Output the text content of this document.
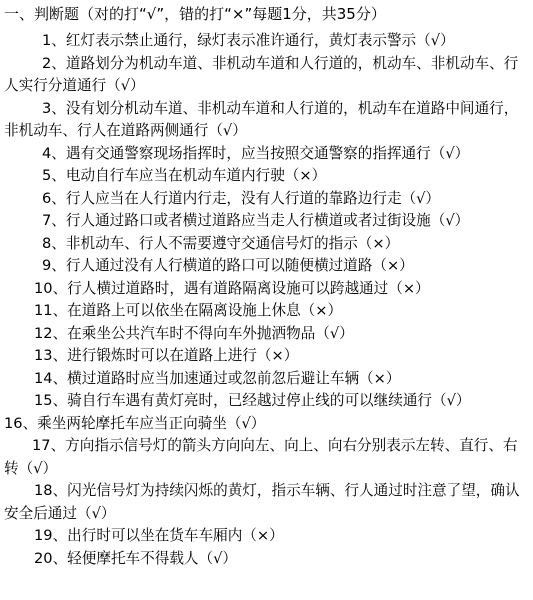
一、判断题（对的打“√”，错的打“×”每题1分，共35分）
1、红灯表示禁止通行，绿灯表示准许通行，黄灯表示警示（√）
2、道路划分为机动车道、非机动车道和人行道的，机动车、非机动车、行人实行分道通行（√）
3、没有划分机动车道、非机动车道和人行道的，机动车在道路中间通行，非机动车、行人在道路两侧通行（√）
4、遇有交通警察现场指挥时，应当按照交通警察的指挥通行（√）
5、电动自行车应当在机动车道内行驶（×）
6、行人应当在人行道内行走，没有人行道的靠路边行走（√）
7、行人通过路口或者横过道路应当走人行横道或者过街设施（√）
8、非机动车、行人不需要遵守交通信号灯的指示（×）
9、行人通过没有人行横道的路口可以随便横过道路（×）
10、行人横过道路时，遇有道路隔离设施可以跨越通过（×）
11、在道路上可以依坐在隔离设施上休息（×）
12、在乘坐公共汽车时不得向车外抛洒物品（√）
13、进行锻炼时可以在道路上进行（×）
14、横过道路时应当加速通过或忽前忽后避让车辆（×）
15、骑自行车遇有黄灯亮时，已经越过停止线的可以继续通行（√）
16、乘坐两轮摩托车应当正向骑坐（√）
17、方向指示信号灯的箭头方向向左、向上、向右分别表示左转、直行、右转（√）
18、闪光信号灯为持续闪烁的黄灯，指示车辆、行人通过时注意了望，确认安全后通过（√）
19、出行时可以坐在货车车厢内（×）
20、轻便摩托车不得载人（√）
